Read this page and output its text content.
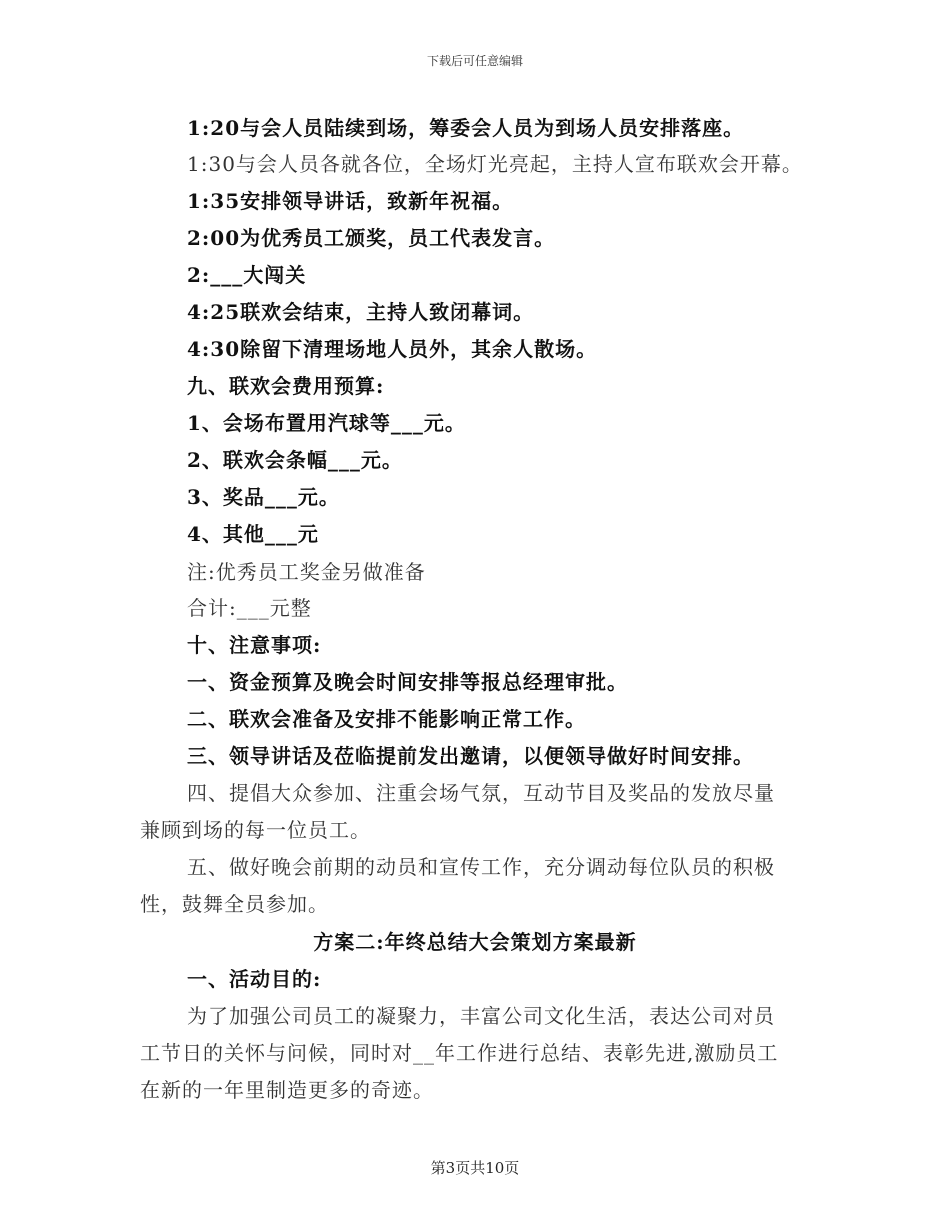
下载后可任意编辑
1:20与会人员陆续到场，筹委会人员为到场人员安排落座。
1:30与会人员各就各位，全场灯光亮起，主持人宣布联欢会开幕。
1:35安排领导讲话，致新年祝福。
2:00为优秀员工颁奖，员工代表发言。
2:___大闯关
4:25联欢会结束，主持人致闭幕词。
4:30除留下清理场地人员外，其余人散场。
九、联欢会费用预算:
1、会场布置用汽球等___元。
2、联欢会条幅___元。
3、奖品___元。
4、其他___元
注:优秀员工奖金另做准备
合计:___元整
十、注意事项:
一、资金预算及晚会时间安排等报总经理审批。
二、联欢会准备及安排不能影响正常工作。
三、领导讲话及莅临提前发出邀请，以便领导做好时间安排。
四、提倡大众参加、注重会场气氛，互动节目及奖品的发放尽量
兼顾到场的每一位员工。
五、做好晚会前期的动员和宣传工作，充分调动每位队员的积极
性，鼓舞全员参加。
方案二:年终总结大会策划方案最新
一、活动目的:
为了加强公司员工的凝聚力，丰富公司文化生活，表达公司对员
工节日的关怀与问候，同时对__年工作进行总结、表彰先进,激励员工
在新的一年里制造更多的奇迹。
第3页共10页
